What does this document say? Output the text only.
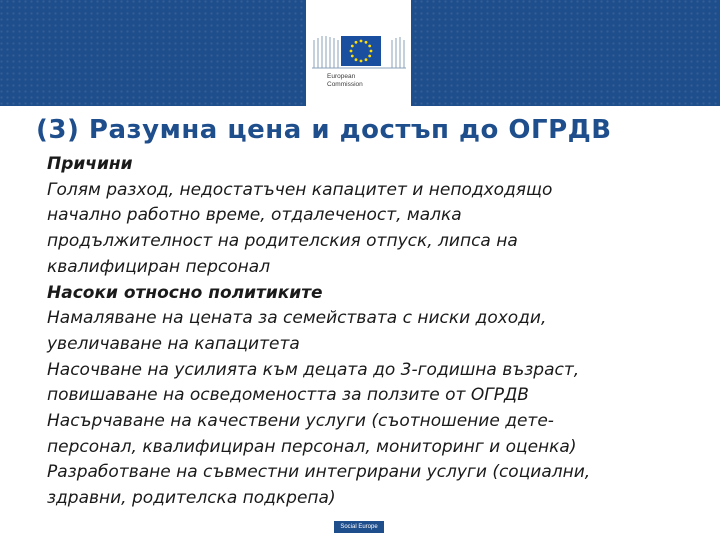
European
Commission
(3) Разумна цена и достъп до ОГРДВ

Причини

Голям разход, недостатъчен капацитет и неподходящо

начално работно време, отдалеченост, малка

продължителност на родителския отпуск, липса на

квалифициран персонал

Насоки относно политиките

Намаляване на цената за семействата с ниски доходи,

увеличаване на капацитета

Насочване на усилията към децата до 3-годишна възраст,

повишаване на осведомеността за ползите от ОГРДВ

Насърчаване на качествени услуги (съотношение дете-

персонал, квалифициран персонал, мониторинг и оценка)

Разработване на съвместни интегрирани услуги (социални,

здравни, родителска подкрепа)

Social Europe
